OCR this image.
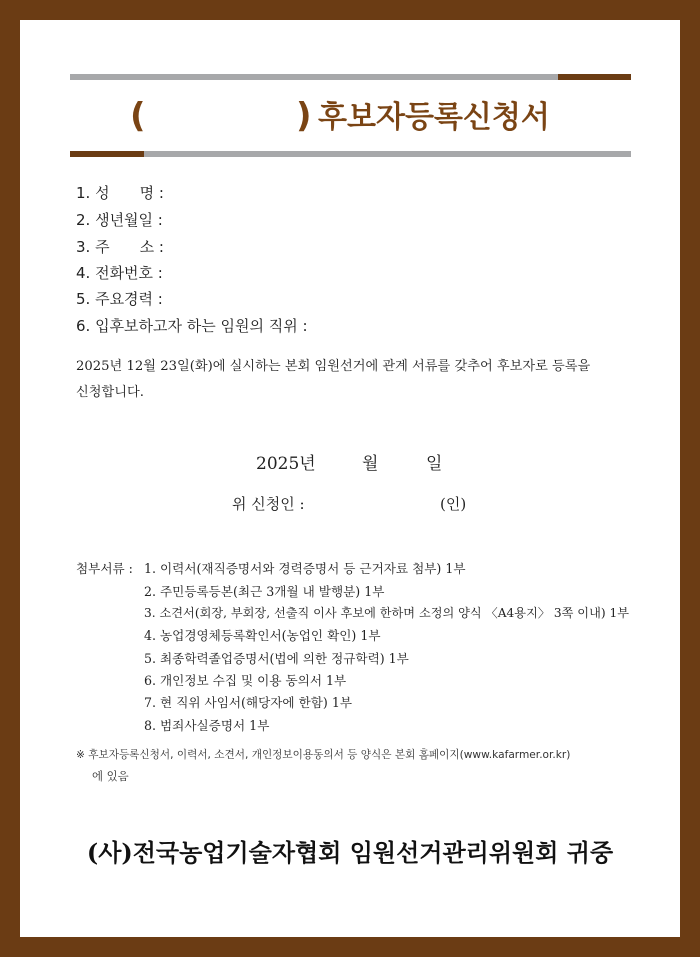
(	) 후보자등록신청서
1. 성　　명 :
2. 생년월일 :
3. 주　　소 :
4. 전화번호 :
5. 주요경력 :
6. 입후보하고자 하는 임원의 직위 :
2025년 12월 23일(화)에 실시하는 본회 임원선거에 관계 서류를 갖추어 후보자로 등록을
신청합니다.
2025년	월	일
위 신청인 :	(인)
첨부서류 : 1. 이력서(재직증명서와 경력증명서 등 근거자료 첨부) 1부
2. 주민등록등본(최근 3개월 내 발행분) 1부
3. 소견서(회장, 부회장, 선출직 이사 후보에 한하며 소정의 양식 〈A4용지〉 3쪽 이내) 1부
4. 농업경영체등록확인서(농업인 확인) 1부
5. 최종학력졸업증명서(법에 의한 정규학력) 1부
6. 개인정보 수집 및 이용 동의서 1부
7. 현 직위 사임서(해당자에 한함) 1부
8. 범죄사실증명서 1부
※ 후보자등록신청서, 이력서, 소견서, 개인정보이용동의서 등 양식은 본회 홈페이지(www.kafarmer.or.kr)
에 있음
(사)전국농업기술자협회 임원선거관리위원회 귀중
